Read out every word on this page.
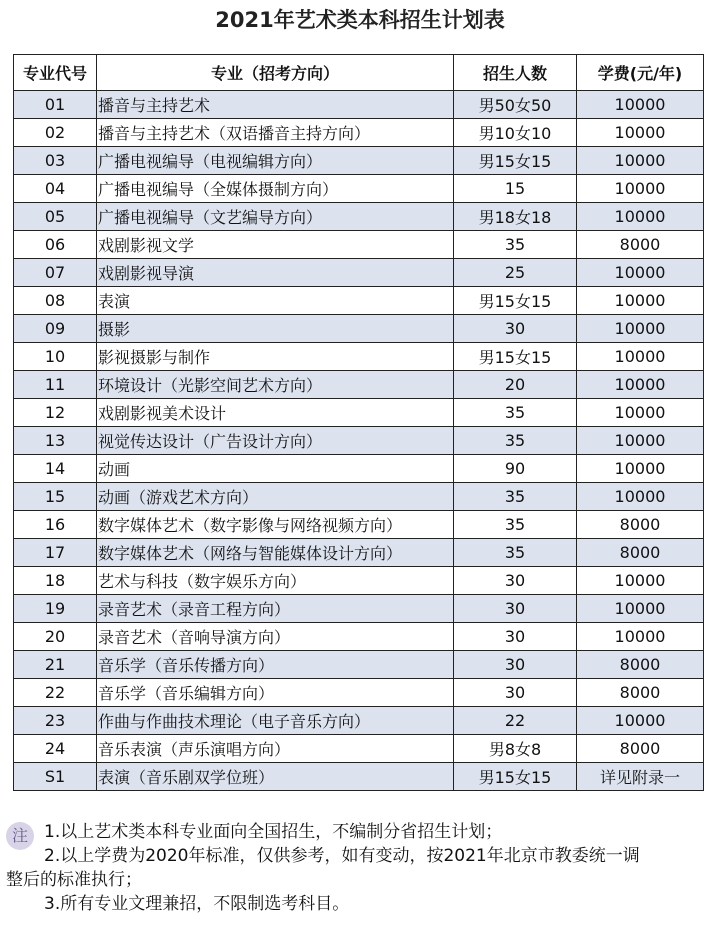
2021年艺术类本科招生计划表
专业代号	专业（招考方向）	招生人数	学费(元/年)
01	播音与主持艺术	男50女50	10000
02	播音与主持艺术（双语播音主持方向）	男10女10	10000
03	广播电视编导（电视编辑方向）	男15女15	10000
04	广播电视编导（全媒体摄制方向）	15	10000
05	广播电视编导（文艺编导方向）	男18女18	10000
06	戏剧影视文学	35	8000
07	戏剧影视导演	25	10000
08	表演	男15女15	10000
09	摄影	30	10000
10	影视摄影与制作	男15女15	10000
11	环境设计（光影空间艺术方向）	20	10000
12	戏剧影视美术设计	35	10000
13	视觉传达设计（广告设计方向）	35	10000
14	动画	90	10000
15	动画（游戏艺术方向）	35	10000
16	数字媒体艺术（数字影像与网络视频方向）	35	8000
17	数字媒体艺术（网络与智能媒体设计方向）	35	8000
18	艺术与科技（数字娱乐方向）	30	10000
19	录音艺术（录音工程方向）	30	10000
20	录音艺术（音响导演方向）	30	10000
21	音乐学（音乐传播方向）	30	8000
22	音乐学（音乐编辑方向）	30	8000
23	作曲与作曲技术理论（电子音乐方向）	22	10000
24	音乐表演（声乐演唱方向）	男8女8	8000
S1	表演（音乐剧双学位班）	男15女15	详见附录一
注 1.以上艺术类本科专业面向全国招生，不编制分省招生计划；
2.以上学费为2020年标准，仅供参考，如有变动，按2021年北京市教委统一调
整后的标准执行；
3.所有专业文理兼招，不限制选考科目。
